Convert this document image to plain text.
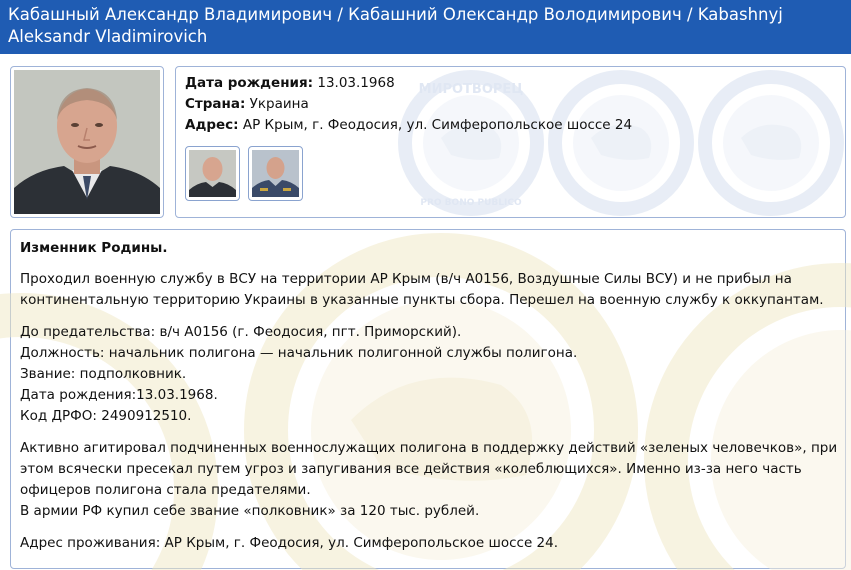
Кабашный Александр Владимирович / Кабашний Олександр Володимирович / Kabashnyj Aleksandr Vladimirovich
МИРОТВОРЕЦ
PRO BONO PUBLICO
Дата рождения: 13.03.1968
Страна: Украина
Адрес: АР Крым, г. Феодосия, ул. Симферопольское шоссе 24
Изменник Родины.

Проходил военную службу в ВСУ на территории АР Крым (в/ч А0156, Воздушные Силы ВСУ) и не прибыл на континентальную территорию Украины в указанные пункты сбора. Перешел на военную службу к оккупантам.

До предательства: в/ч А0156 (г. Феодосия, пгт. Приморский).
Должность: начальник полигона — начальник полигонной службы полигона.
Звание: подполковник.
Дата рождения:13.03.1968.
Код ДРФО: 2490912510.

Активно агитировал подчиненных военнослужащих полигона в поддержку действий «зеленых человечков», при этом всячески пресекал путем угроз и запугивания все действия «колеблющихся». Именно из-за него часть офицеров полигона стала предателями.
В армии РФ купил себе звание «полковник» за 120 тыс. рублей.

Адрес проживания: АР Крым, г. Феодосия, ул. Симферопольское шоссе 24.
